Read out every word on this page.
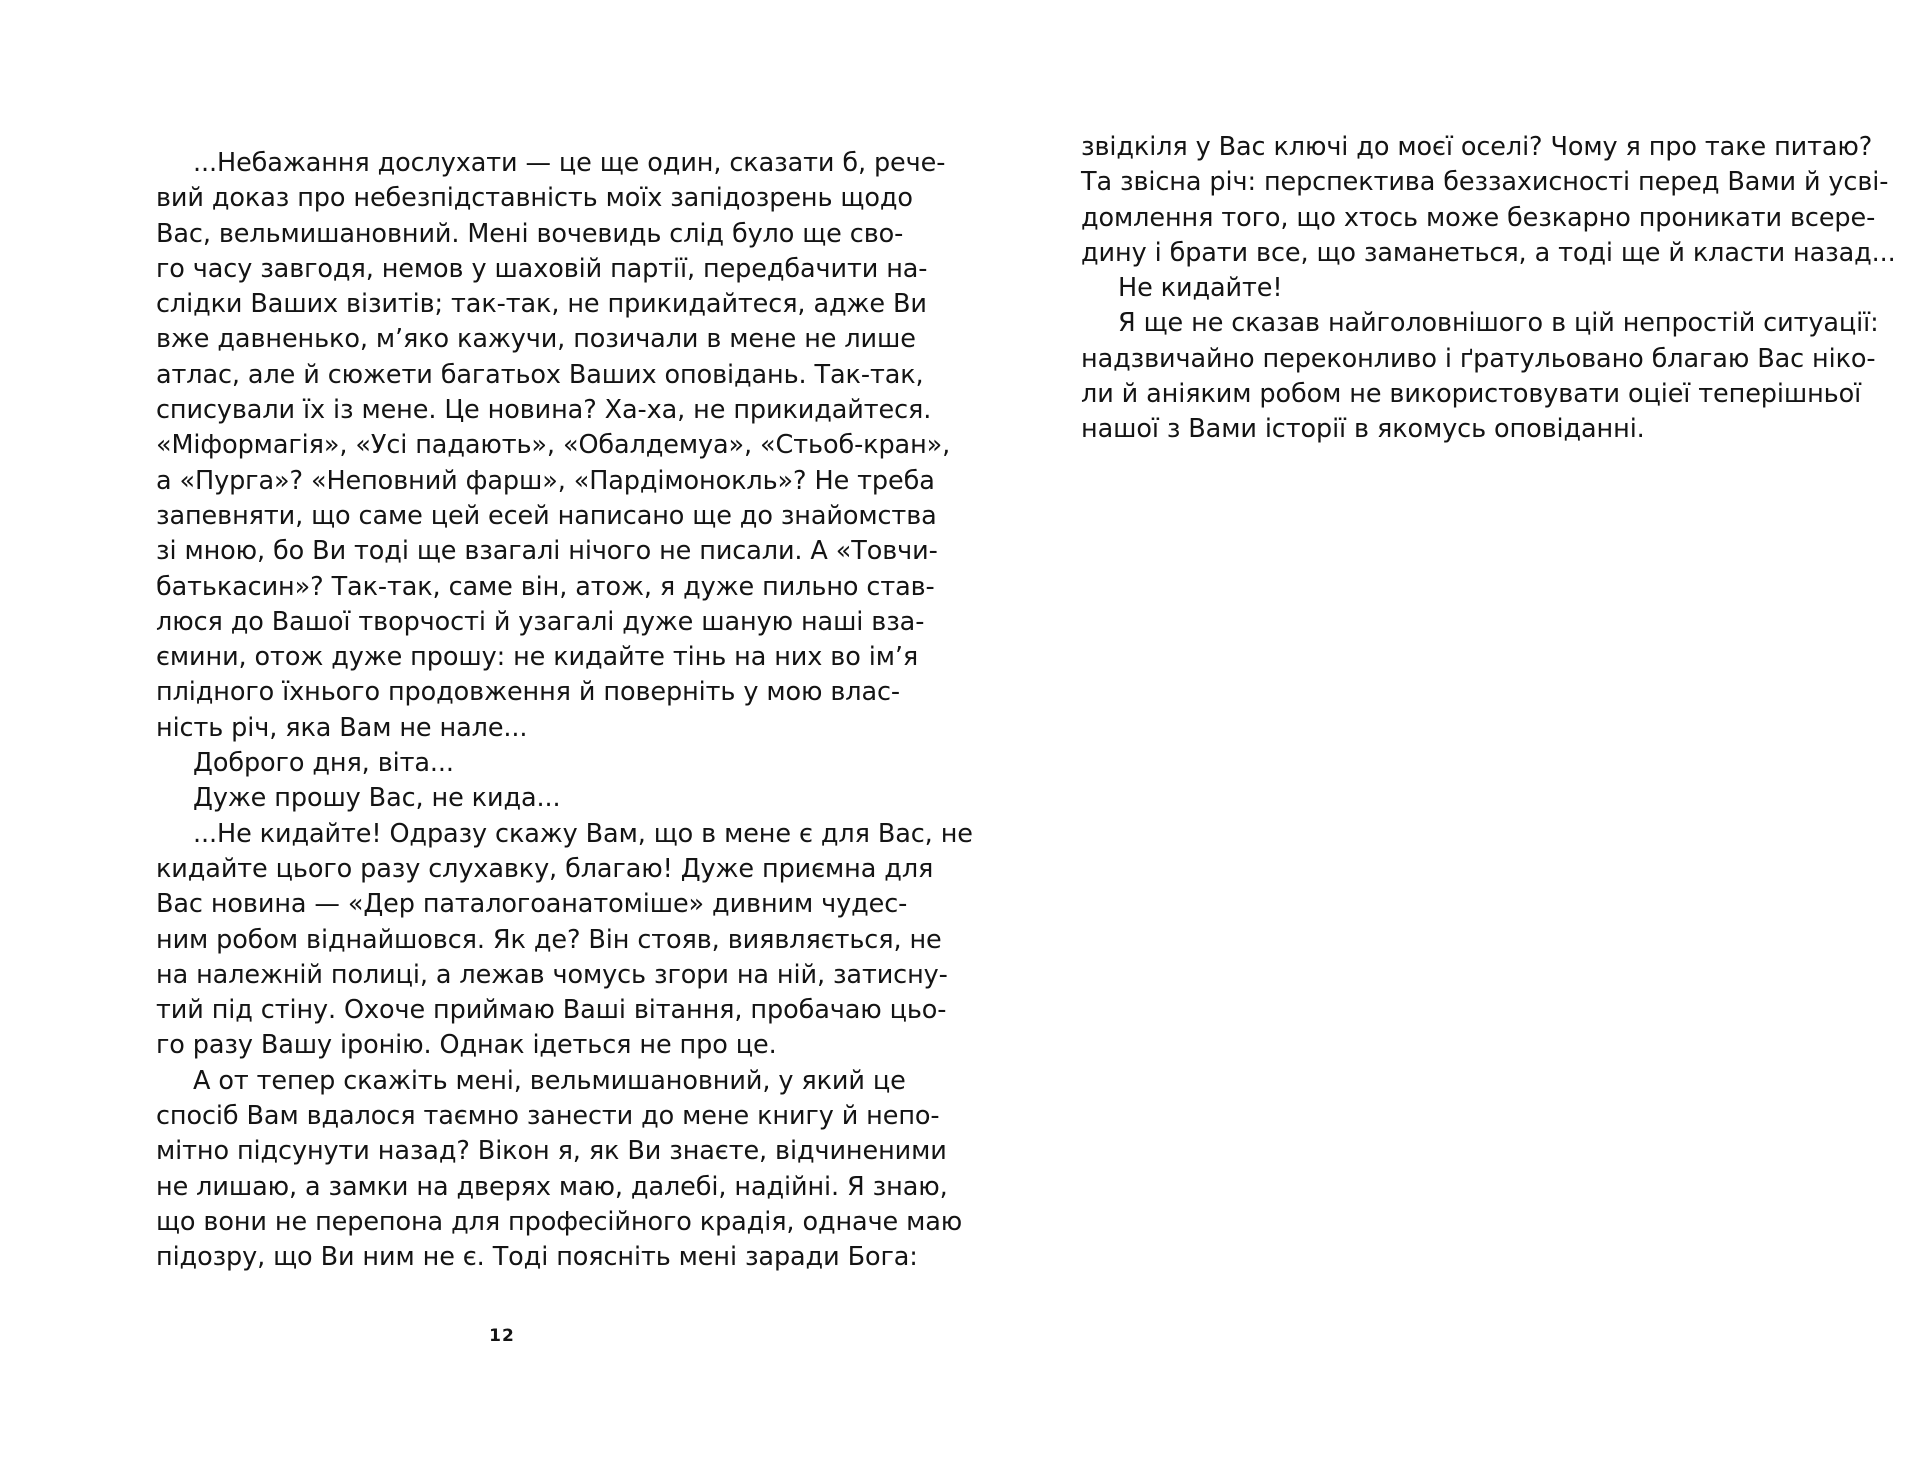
...Небажання дослухати — це ще один, сказати б, рече-
вий доказ про небезпідставність моїх запідозрень щодо
Вас, вельмишановний. Мені вочевидь слід було ще сво-
го часу завгодя, немов у шаховій партії, передбачити на-
слідки Ваших візитів; так-так, не прикидайтеся, адже Ви
вже давненько, м’яко кажучи, позичали в мене не лише
атлас, але й сюжети багатьох Ваших оповідань. Так-так,
списували їх із мене. Це новина? Ха-ха, не прикидайтеся.
«Міформагія», «Усі падають», «Обалдемуа», «Стьоб-кран»,
а «Пурга»? «Неповний фарш», «Пардімонокль»? Не треба
запевняти, що саме цей есей написано ще до знайомства
зі мною, бо Ви тоді ще взагалі нічого не писали. А «Товчи-
батькасин»? Так-так, саме він, атож, я дуже пильно став-
люся до Вашої творчості й узагалі дуже шаную наші вза-
ємини, отож дуже прошу: не кидайте тінь на них во ім’я
плідного їхнього продовження й поверніть у мою влас-
ність річ, яка Вам не нале...
Доброго дня, віта...
Дуже прошу Вас, не кида...
...Не кидайте! Одразу скажу Вам, що в мене є для Вас, не
кидайте цього разу слухавку, благаю! Дуже приємна для
Вас новина — «Дер паталогоанатоміше» дивним чудес-
ним робом віднайшовся. Як де? Він стояв, виявляється, не
на належній полиці, а лежав чомусь згори на ній, затисну-
тий під стіну. Охоче приймаю Ваші вітання, пробачаю цьо-
го разу Вашу іронію. Однак ідеться не про це.
А от тепер скажіть мені, вельмишановний, у який це
спосіб Вам вдалося таємно занести до мене книгу й непо-
мітно підсунути назад? Вікон я, як Ви знаєте, відчиненими
не лишаю, а замки на дверях маю, далебі, надійні. Я знаю,
що вони не перепона для професійного крадія, одначе маю
підозру, що Ви ним не є. Тоді поясніть мені заради Бога:
12
звідкіля у Вас ключі до моєї оселі? Чому я про таке питаю?
Та звісна річ: перспектива беззахисності перед Вами й усві-
домлення того, що хтось може безкарно проникати всере-
дину і брати все, що заманеться, а тоді ще й класти назад...
Не кидайте!
Я ще не сказав найголовнішого в цій непростій ситуації:
надзвичайно переконливо і ґратульовано благаю Вас ніко-
ли й аніяким робом не використовувати оціеї теперішньої
нашої з Вами історії в якомусь оповіданні.
